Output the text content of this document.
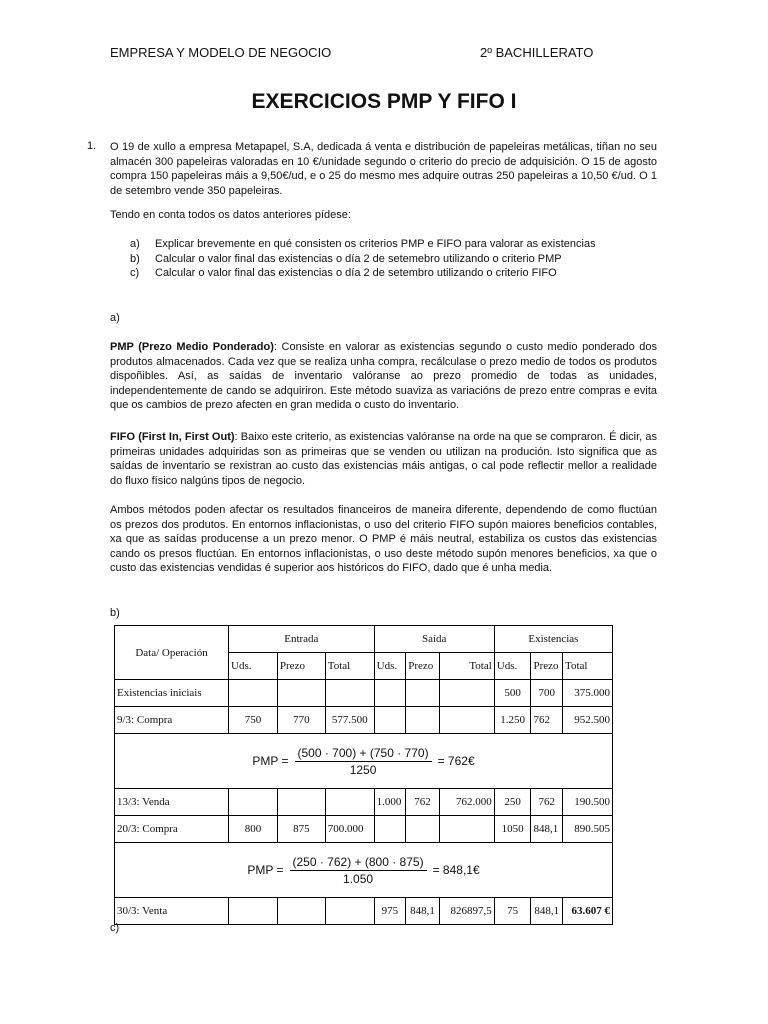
EMPRESA Y MODELO DE NEGOCIO	2º BACHILLERATO
EXERCICIOS PMP Y FIFO I
1. O 19 de xullo a empresa Metapapel, S.A, dedicada á venta e distribución de papeleiras metálicas, tiñan no seu almacén 300 papeleiras valoradas en 10 €/unidade segundo o criterio do precio de adquisición. O 15 de agosto compra 150 papeleiras máis a 9,50€/ud, e o 25 do mesmo mes adquire outras 250 papeleiras a 10,50 €/ud. O 1 de setembro vende 350 papeleiras.
Tendo en conta todos os datos anteriores pídese:
a)	Explicar brevemente en qué consisten os criterios PMP e FIFO para valorar as existencias
b)	Calcular o valor final das existencias o día 2 de setemebro utilizando o criterio PMP
c)	Calcular o valor final das existencias o día 2 de setembro utilizando o criterio FIFO
a)
PMP (Prezo Medio Ponderado): Consiste en valorar as existencias segundo o custo medio ponderado dos produtos almacenados. Cada vez que se realiza unha compra, recálculase o prezo medio de todos os produtos dispoñibles. Así, as saídas de inventario valóranse ao prezo promedio de todas as unidades, independentemente de cando se adquiriron. Este método suaviza as variacións de prezo entre compras e evita que os cambios de prezo afecten en gran medida o custo do inventario.
FIFO (First In, First Out): Baixo este criterio, as existencias valóranse na orde na que se compraron. É dicir, as primeiras unidades adquiridas son as primeiras que se venden ou utilizan na produción. Isto significa que as saídas de inventario se rexistran ao custo das existencias máis antigas, o cal pode reflectir mellor a realidade do fluxo físico nalgúns tipos de negocio.
Ambos métodos poden afectar os resultados financeiros de maneira diferente, dependendo de como fluctúan os prezos dos produtos. En entornos inflacionistas, o uso del criterio FIFO supón maiores beneficios contables, xa que as saídas producense a un prezo menor. O PMP é máis neutral, estabiliza os custos das existencias cando os presos fluctúan. En entornos inflacionistas, o uso deste método supón menores beneficios, xa que o custo das existencias vendidas é superior aos históricos do FIFO, dado que é unha media.
b)
Data/ Operación	Entrada			Saída			Existencias		
	Uds.	Prezo	Total	Uds.	Prezo	Total	Uds.	Prezo	Total
Existencias iniciais							500	700	375.000
9/3: Compra	750	770	577.500				1.250	762	952.500

PMP = $\frac{(500 \cdot 700) + (750 \cdot 770)}{1250}$ = 762€									

13/3: Venda				1.000	762	762.000	250	762	190.500
20/3: Compra	800	875	700.000				1050	848,1	890.505

PMP = $\frac{(250 \cdot 762) + (800 \cdot 875)}{1.050}$ = 848,1€									

30/3: Venta				975	848,1	826897,5	75	848,1	63.607 €
c)
